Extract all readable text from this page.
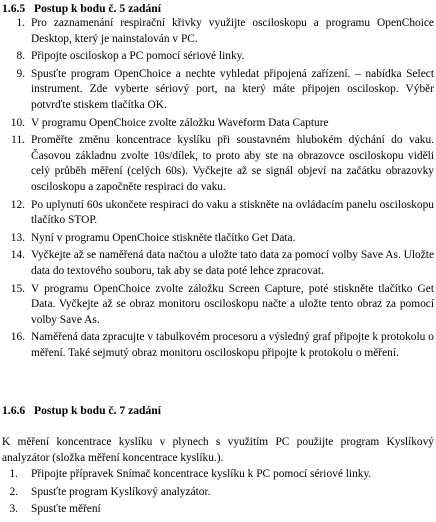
1.6.5 Postup k bodu č. 5 zadání
1. Pro zaznamenání respirační křivky využijte osciloskopu a programu OpenChoice Desktop, který je nainstalován v PC.
8. Připojte osciloskop a PC pomocí sériové linky.
9. Spusťte program OpenChoice a nechte vyhledat připojená zařízení. – nabídka Select instrument. Zde vyberte sériový port, na který máte připojen osciloskop. Výběr potvrďte stiskem tlačítka OK.
10. V programu OpenChoice zvolte záložku Waveform Data Capture
11. Proměřte změnu koncentrace kyslíku při soustavném hlubokém dýchání do vaku. Časovou základnu zvolte 10s/dílek, to proto aby ste na obrazovce osciloskopu viděli celý průběh měření (celých 60s). Vyčkejte až se signál objeví na začátku obrazovky osciloskopu a započněte respiraci do vaku.
12. Po uplynutí 60s ukončete respiraci do vaku a stiskněte na ovládacím panelu osciloskopu tlačítko STOP.
13. Nyní v programu OpenChoice stiskněte tlačítko Get Data.
14. Vyčkejte až se naměřená data načtou a uložte tato data za pomocí volby Save As. Uložte data do textového souboru, tak aby se data poté lehce zpracovat.
15. V programu OpenChoice zvolte záložku Screen Capture, poté stiskněte tlačítko Get Data. Vyčkejte až se obraz monitoru osciloskopu načte a uložte tento obraz za pomocí volby Save As.
16. Naměřená data zpracujte v tabulkovém procesoru a výsledný graf připojte k protokolu o měření. Také sejmutý obraz monitoru osciloskopu připojte k protokolu o měření.
1.6.6 Postup k bodu č. 7 zadání

K měření koncentrace kyslíku v plynech s využitím PC použijte program Kyslíkový analyzátor (složka měření koncentrace kyslíku.).

1. Připojte přípravek Snímač koncentrace kyslíku k PC pomocí sériové linky.
2. Spusťte program Kyslíkový analyzátor.
3. Spusťte měření
